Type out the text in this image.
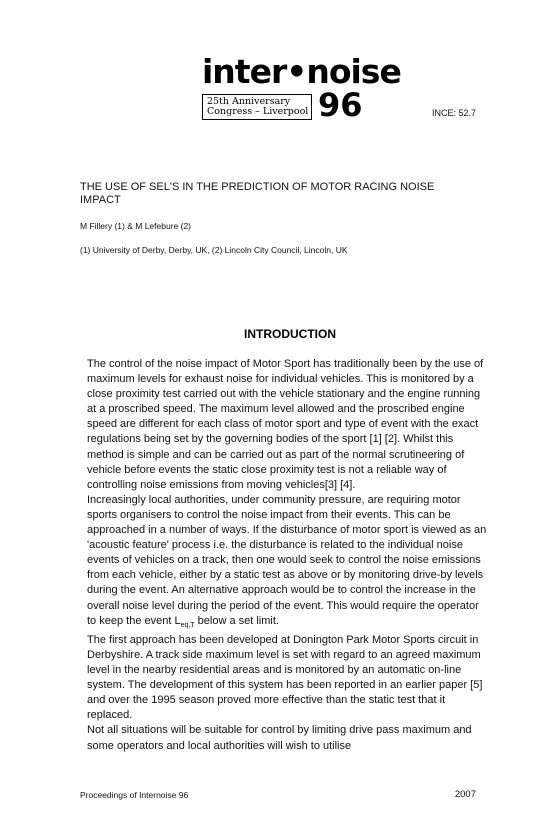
inter•noise
25th Anniversary
Congress – Liverpool 96	INCE: 52.7
THE USE OF SEL'S IN THE PREDICTION OF MOTOR RACING NOISE IMPACT
M Fillery (1) & M Lefebure (2)
(1) University of Derby, Derby, UK, (2) Lincoln City Council, Lincoln, UK
INTRODUCTION

The control of the noise impact of Motor Sport has traditionally been by the use of maximum levels for exhaust noise for individual vehicles. This is monitored by a close proximity test carried out with the vehicle stationary and the engine running at a proscribed speed. The maximum level allowed and the proscribed engine speed are different for each class of motor sport and type of event with the exact regulations being set by the governing bodies of the sport [1] [2]. Whilst this method is simple and can be carried out as part of the normal scrutineering of vehicle before events the static close proximity test is not a reliable way of controlling noise emissions from moving vehicles[3] [4].

Increasingly local authorities, under community pressure, are requiring motor sports organisers to control the noise impact from their events. This can be approached in a number of ways. If the disturbance of motor sport is viewed as an 'acoustic feature' process i.e. the disturbance is related to the individual noise events of vehicles on a track, then one would seek to control the noise emissions from each vehicle, either by a static test as above or by monitoring drive-by levels during the event. An alternative approach would be to control the increase in the overall noise level during the period of the event. This would require the operator to keep the event $L_{eq,T}$ below a set limit.

The first approach has been developed at Donington Park Motor Sports circuit in Derbyshire. A track side maximum level is set with regard to an agreed maximum level in the nearby residential areas and is monitored by an automatic on-line system. The development of this system has been reported in an earlier paper [5] and over the 1995 season proved more effective than the static test that it replaced.

Not all situations will be suitable for control by limiting drive pass maximum and some operators and local authorities will wish to utilise

Proceedings of Internoise 96	2007
